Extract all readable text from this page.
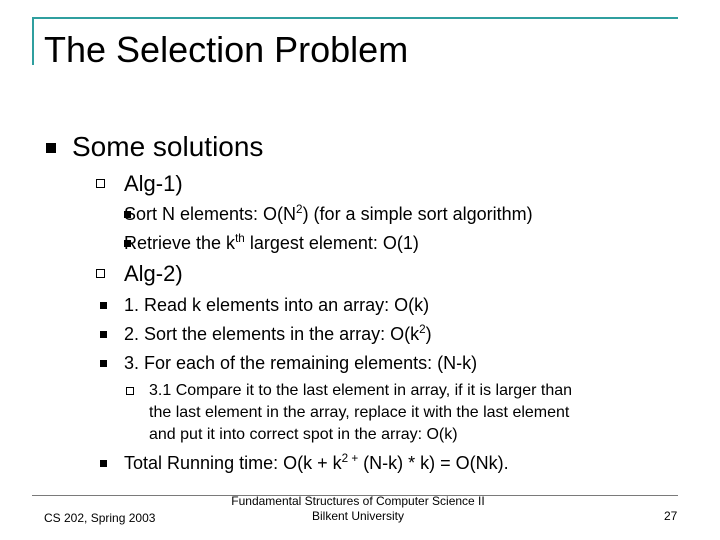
The Selection Problem
Some solutions
Alg-1)
Sort N elements: $O(N^2)$ (for a simple sort algorithm)
Retrieve the $k^{th}$ largest element: O(1)
Alg-2)
1. Read k elements into an array: O(k)
2. Sort the elements in the array: $O(k^2)$
3. For each of the remaining elements: (N-k)
3.1 Compare it to the last element in array, if it is larger than
the last element in the array, replace it with the last element
and put it into correct spot in the array: O(k)
Total Running time: $O(k + k^{2 +}$ (N-k) * k) = O(Nk).
CS 202, Spring 2003
Fundamental Structures of Computer Science II
Bilkent University	27
